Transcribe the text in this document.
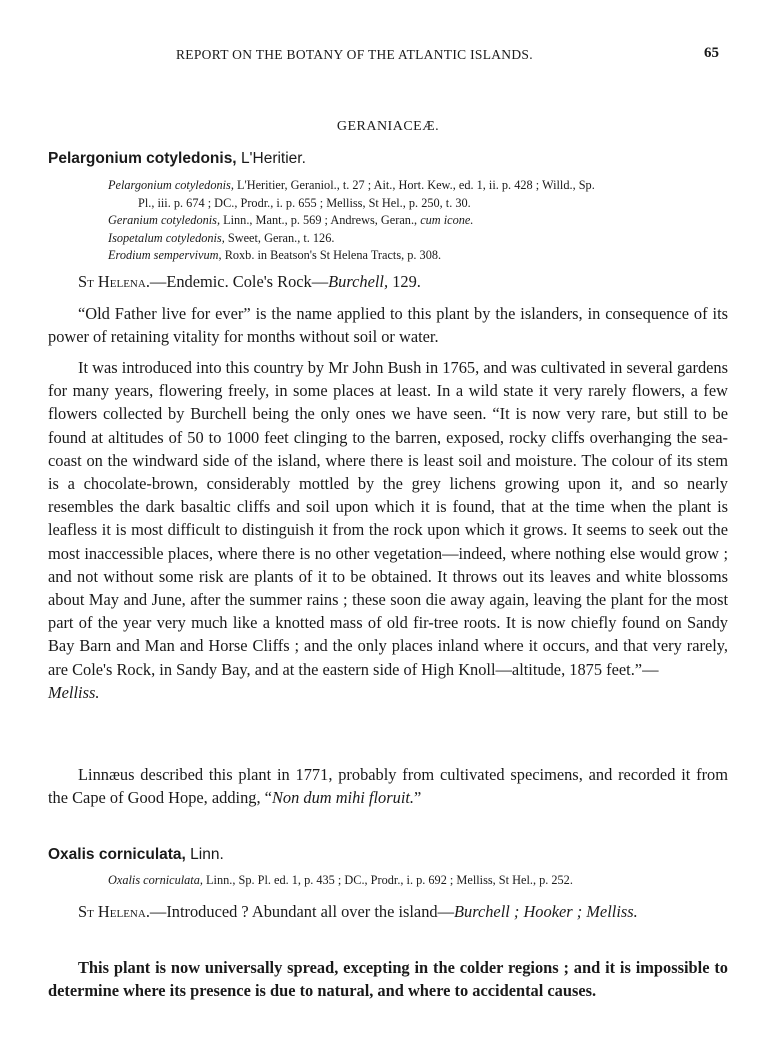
REPORT ON THE BOTANY OF THE ATLANTIC ISLANDS.	65
GERANIACEÆ.
Pelargonium cotyledonis, L'Heritier.
Pelargonium cotyledonis, L'Heritier, Geraniol., t. 27 ; Ait., Hort. Kew., ed. 1, ii. p. 428 ; Willd., Sp.
Pl., iii. p. 674 ; DC., Prodr., i. p. 655 ; Melliss, St Hel., p. 250, t. 30.
Geranium cotyledonis, Linn., Mant., p. 569 ; Andrews, Geran., cum icone.
Isopetalum cotyledonis, Sweet, Geran., t. 126.
Erodium sempervivum, Roxb. in Beatson's St Helena Tracts, p. 308.
St Helena.—Endemic. Cole's Rock—Burchell, 129.
“Old Father live for ever” is the name applied to this plant by the islanders, in consequence of its power of retaining vitality for months without soil or water.
It was introduced into this country by Mr John Bush in 1765, and was cultivated in several gardens for many years, flowering freely, in some places at least. In a wild state it very rarely flowers, a few flowers collected by Burchell being the only ones we have seen. “It is now very rare, but still to be found at altitudes of 50 to 1000 feet clinging to the barren, exposed, rocky cliffs overhanging the sea-coast on the windward side of the island, where there is least soil and moisture. The colour of its stem is a chocolate-brown, considerably mottled by the grey lichens growing upon it, and so nearly resembles the dark basaltic cliffs and soil upon which it is found, that at the time when the plant is leafless it is most difficult to distinguish it from the rock upon which it grows. It seems to seek out the most inaccessible places, where there is no other vegetation—indeed, where nothing else would grow ; and not without some risk are plants of it to be obtained. It throws out its leaves and white blossoms about May and June, after the summer rains ; these soon die away again, leaving the plant for the most part of the year very much like a knotted mass of old fir-tree roots. It is now chiefly found on Sandy Bay Barn and Man and Horse Cliffs ; and the only places inland where it occurs, and that very rarely, are Cole's Rock, in Sandy Bay, and at the eastern side of High Knoll—altitude, 1875 feet.”—
Melliss.
Linnæus described this plant in 1771, probably from cultivated specimens, and recorded it from the Cape of Good Hope, adding, “Non dum mihi floruit.”
Oxalis corniculata, Linn.
Oxalis corniculata, Linn., Sp. Pl. ed. 1, p. 435 ; DC., Prodr., i. p. 692 ; Melliss, St Hel., p. 252.
St Helena.—Introduced ? Abundant all over the island—Burchell ; Hooker ; Melliss.
This plant is now universally spread, excepting in the colder regions ; and it is impossible to determine where its presence is due to natural, and where to accidental causes.
